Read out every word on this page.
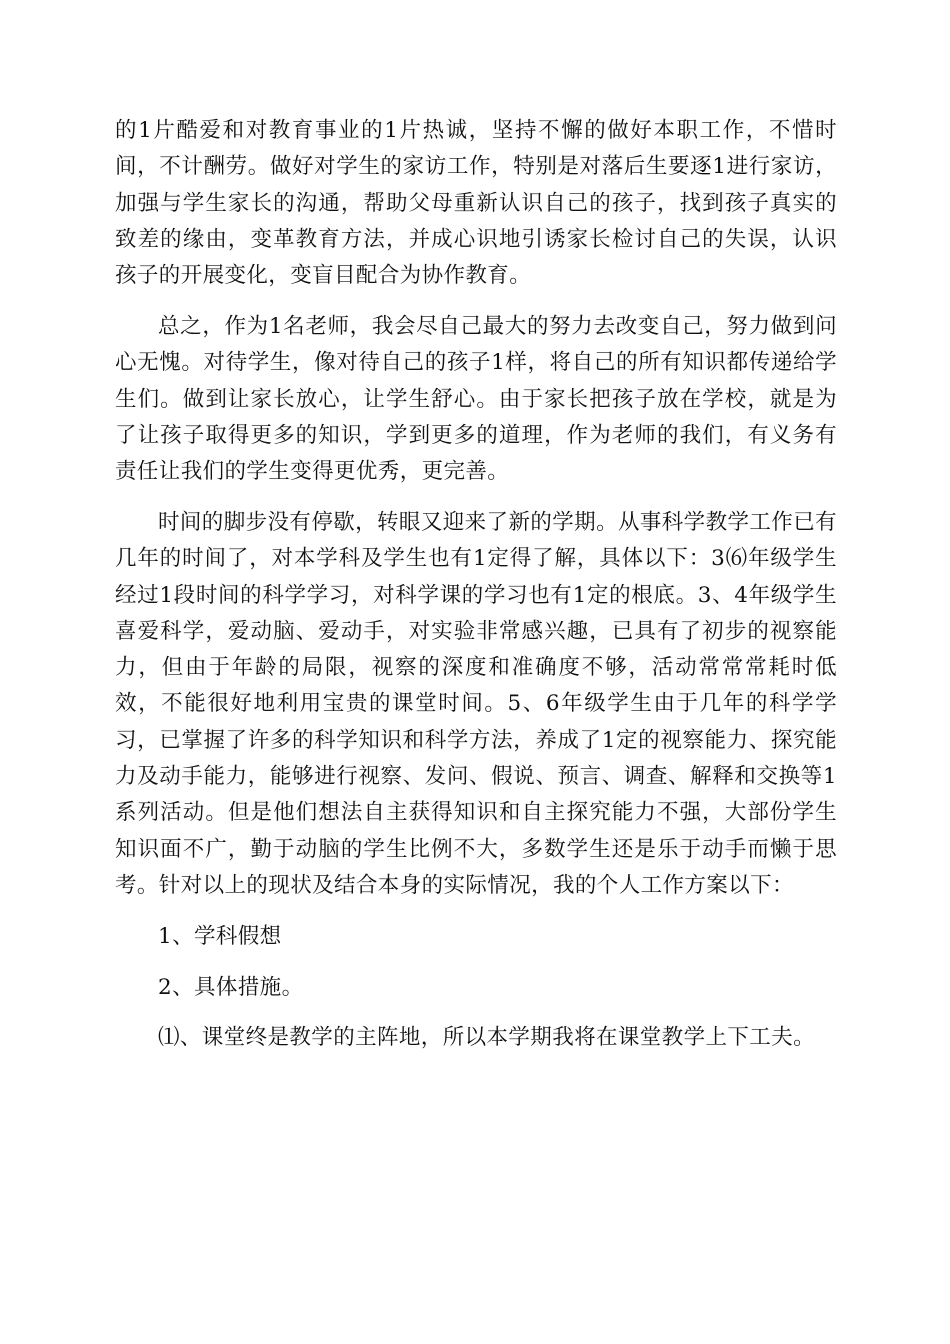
的1片酷爱和对教育事业的1片热诚，坚持不懈的做好本职工作，不惜时间，不计酬劳。做好对学生的家访工作，特别是对落后生要逐1进行家访，加强与学生家长的沟通，帮助父母重新认识自己的孩子，找到孩子真实的致差的缘由，变革教育方法，并成心识地引诱家长检讨自己的失误，认识孩子的开展变化，变盲目配合为协作教育。

总之，作为1名老师，我会尽自己最大的努力去改变自己，努力做到问心无愧。对待学生，像对待自己的孩子1样，将自己的所有知识都传递给学生们。做到让家长放心，让学生舒心。由于家长把孩子放在学校，就是为了让孩子取得更多的知识，学到更多的道理，作为老师的我们，有义务有责任让我们的学生变得更优秀，更完善。

时间的脚步没有停歇，转眼又迎来了新的学期。从事科学教学工作已有几年的时间了，对本学科及学生也有1定得了解，具体以下：3⑹年级学生经过1段时间的科学学习，对科学课的学习也有1定的根底。3、4年级学生喜爱科学，爱动脑、爱动手，对实验非常感兴趣，已具有了初步的视察能力，但由于年龄的局限，视察的深度和准确度不够，活动常常常耗时低效，不能很好地利用宝贵的课堂时间。5、6年级学生由于几年的科学学习，已掌握了许多的科学知识和科学方法，养成了1定的视察能力、探究能力及动手能力，能够进行视察、发问、假说、预言、调查、解释和交换等1系列活动。但是他们想法自主获得知识和自主探究能力不强，大部份学生知识面不广，勤于动脑的学生比例不大，多数学生还是乐于动手而懒于思考。针对以上的现状及结合本身的实际情况，我的个人工作方案以下：

1、学科假想

2、具体措施。

⑴、课堂终是教学的主阵地，所以本学期我将在课堂教学上下工夫。
